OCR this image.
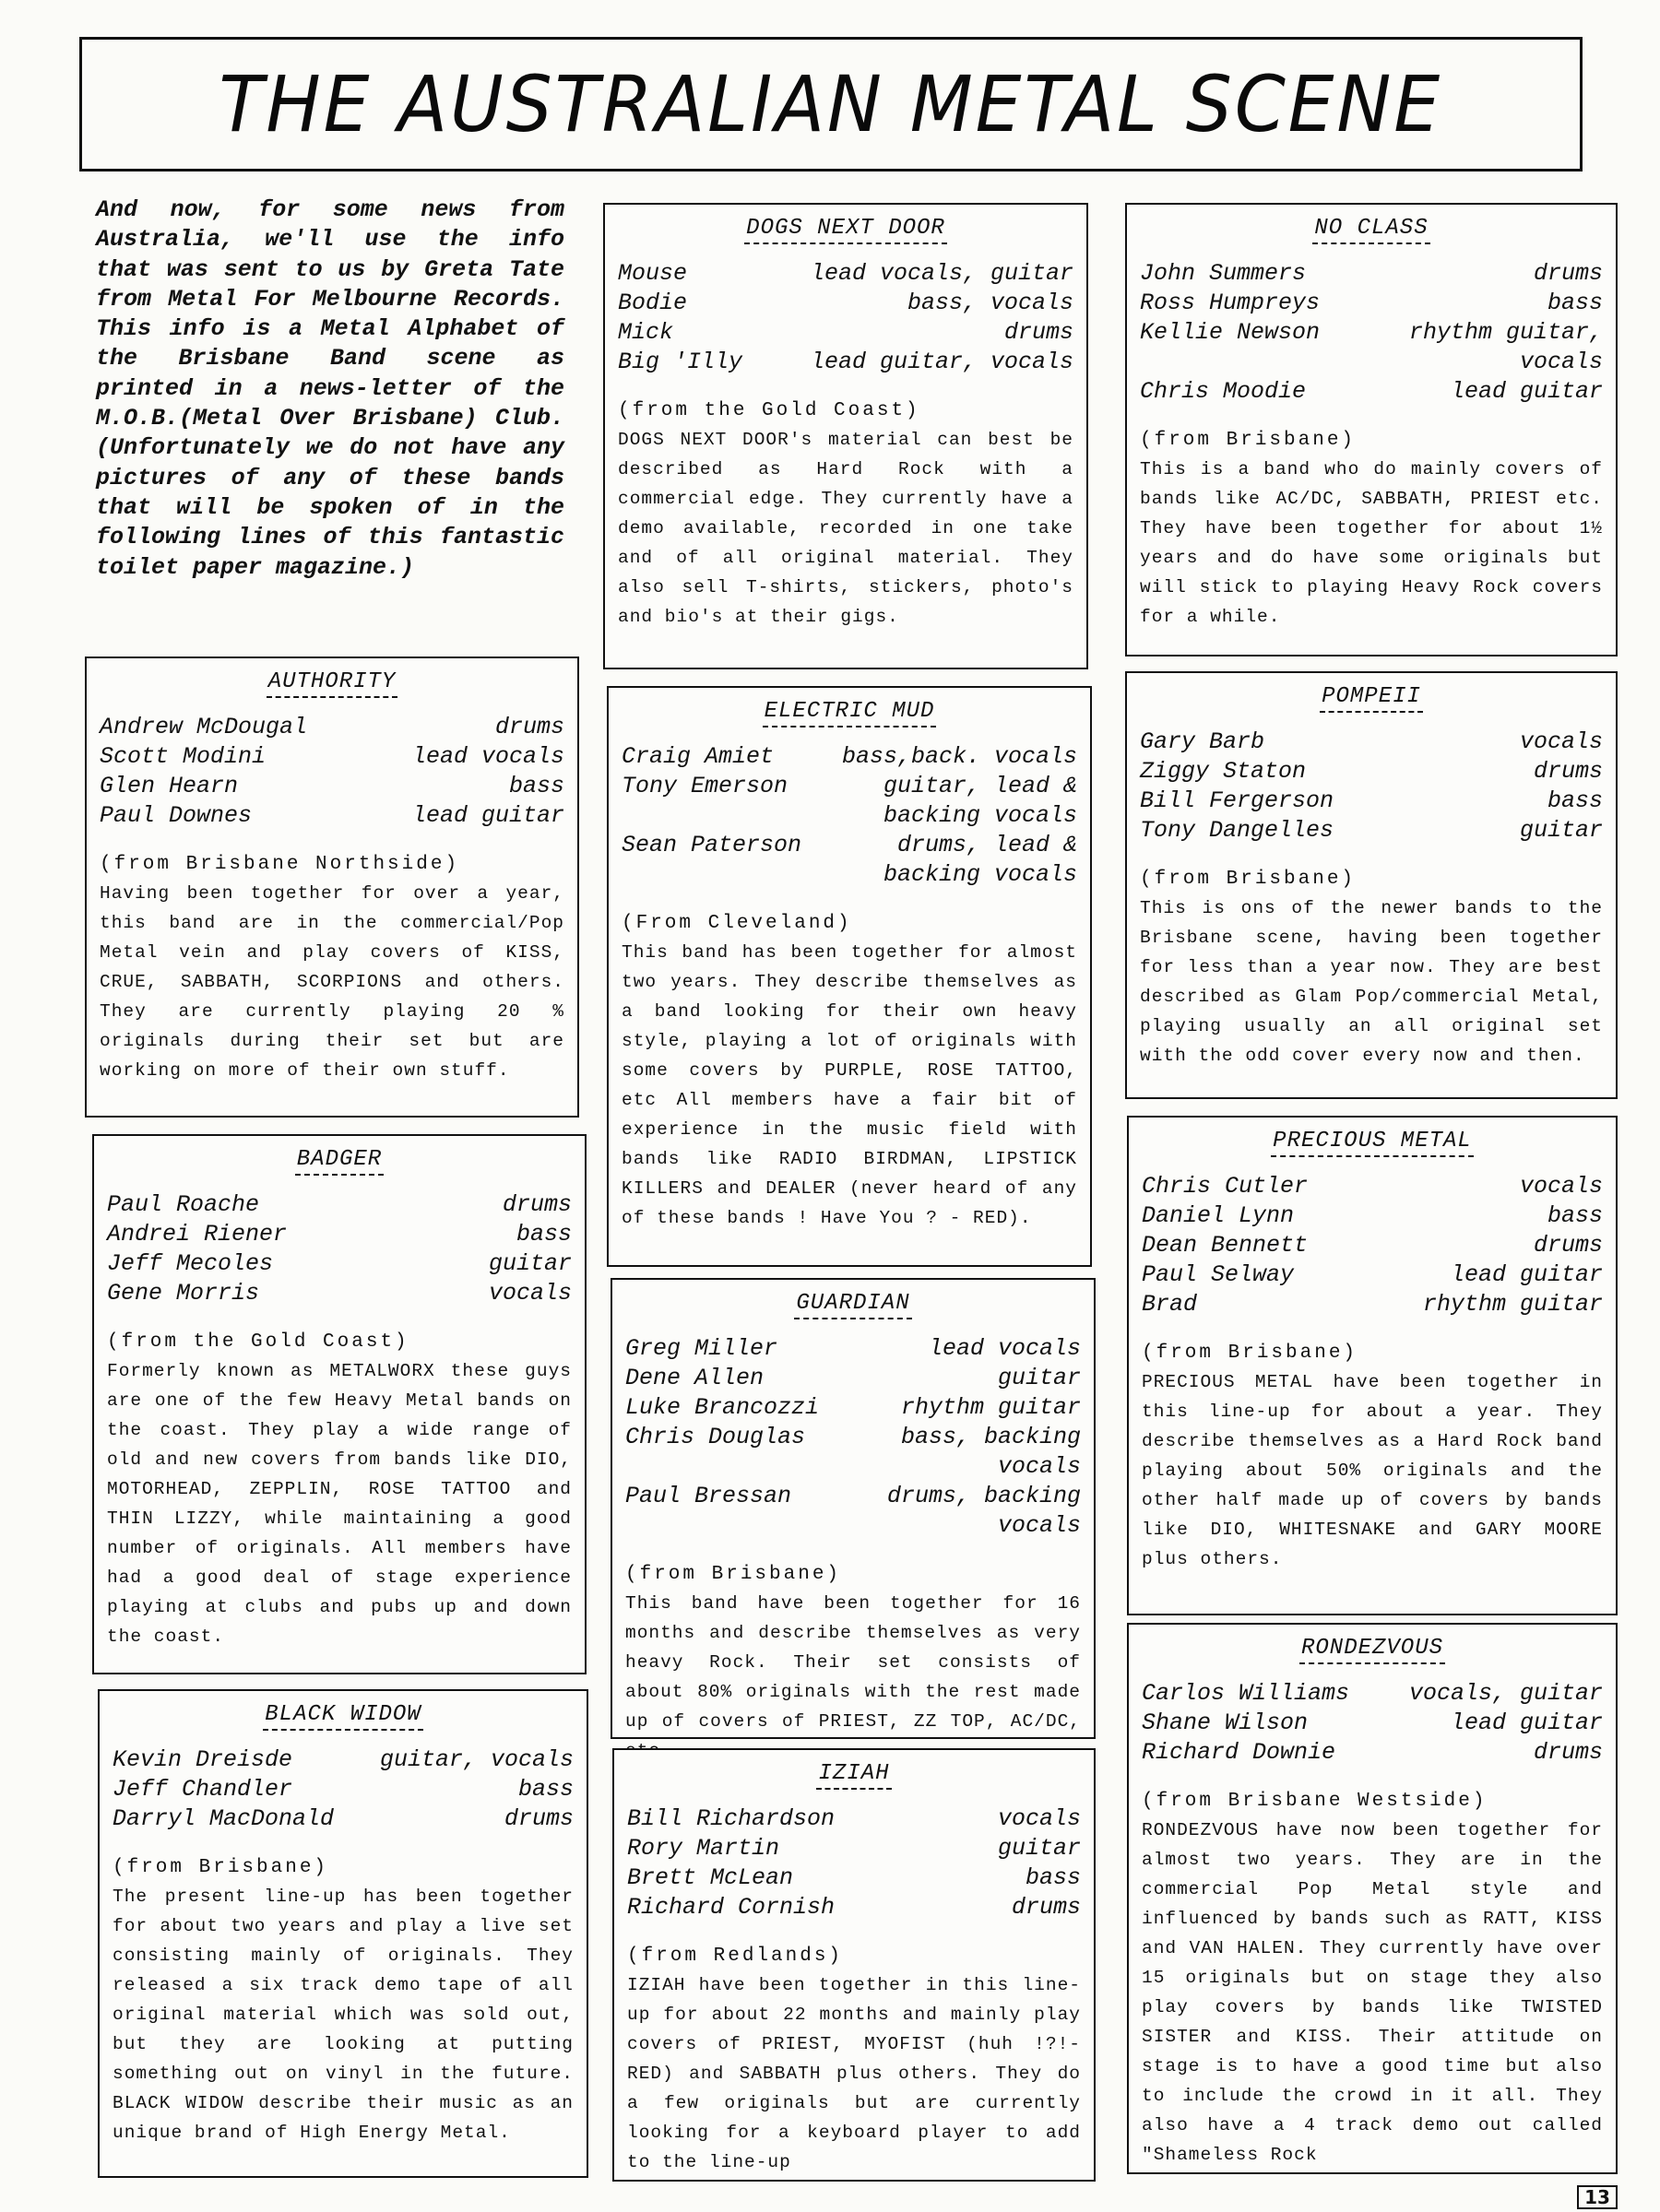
THE AUSTRALIAN METAL SCENE

And now, for some news from Australia, we'll use the info that was sent to us by Greta Tate from Metal For Melbourne Records. This info is a Metal Alphabet of the Brisbane Band scene as printed in a news-letter of the M.O.B.(Metal Over Brisbane) Club. (Unfortunately we do not have any pictures of any of these bands that will be spoken of in the following lines of this fantastic toilet paper magazine.)

AUTHORITY
Andrew McDougal	drums
Scott Modini	lead vocals
Glen Hearn	bass
Paul Downes	lead guitar

(from Brisbane Northside)

Having been together for over a year, this band are in the commercial/Pop Metal vein and play covers of KISS, CRUE, SABBATH, SCORPIONS and others. They are currently playing 20 % originals during their set but are working on more of their own stuff.

BADGER
Paul Roache	drums
Andrei Riener	bass
Jeff Mecoles	guitar
Gene Morris	vocals

(from the Gold Coast)

Formerly known as METALWORX these guys are one of the few Heavy Metal bands on the coast. They play a wide range of old and new covers from bands like DIO, MOTORHEAD, ZEPPLIN, ROSE TATTOO and THIN LIZZY, while maintaining a good number of originals. All members have had a good deal of stage experience playing at clubs and pubs up and down the coast.

BLACK WIDOW
Kevin Dreisde	guitar, vocals
Jeff Chandler	bass
Darryl MacDonald	drums

(from Brisbane)

The present line-up has been together for about two years and play a live set consisting mainly of originals. They released a six track demo tape of all original material which was sold out, but they are looking at putting something out on vinyl in the future. BLACK WIDOW describe their music as an unique brand of High Energy Metal.

DOGS NEXT DOOR
Mouse	lead vocals, guitar
Bodie	bass, vocals
Mick	drums
Big 'Illy	lead guitar, vocals

(from the Gold Coast)

DOGS NEXT DOOR's material can best be described as Hard Rock with a commercial edge. They currently have a demo available, recorded in one take and of all original material. They also sell T-shirts, stickers, photo's and bio's at their gigs.

ELECTRIC MUD
Craig Amiet	bass,back. vocals
Tony Emerson	guitar, lead &
backing vocals
Sean Paterson	drums, lead &
backing vocals

(From Cleveland)

This band has been together for almost two years. They describe themselves as a band looking for their own heavy style, playing a lot of originals with some covers by PURPLE, ROSE TATTOO, etc All members have a fair bit of experience in the music field with bands like RADIO BIRDMAN, LIPSTICK KILLERS and DEALER (never heard of any of these bands ! Have You ? - RED).

GUARDIAN
Greg Miller	lead vocals
Dene Allen	guitar
Luke Brancozzi	rhythm guitar
Chris Douglas	bass, backing
vocals
Paul Bressan	drums, backing
vocals

(from Brisbane)

This band have been together for 16 months and describe themselves as very heavy Rock. Their set consists of about 80% originals with the rest made up of covers of PRIEST, ZZ TOP, AC/DC,

IZIAH
Bill Richardson	vocals
Rory Martin	guitar
Brett McLean	bass
Richard Cornish	drums

(from Redlands)

IZIAH have been together in this line-up for about 22 months and mainly play covers of PRIEST, MYOFIST (huh !?!-RED) and SABBATH plus others. They do a few originals but are currently looking for a keyboard player to add to the line-up

NO CLASS
John Summers	drums
Ross Humpreys	bass
Kellie Newson	rhythm guitar,
vocals
Chris Moodie	lead guitar

(from Brisbane)

This is a band who do mainly covers of bands like AC/DC, SABBATH, PRIEST etc. They have been together for about 1½ years and do have some originals but will stick to playing Heavy Rock covers for a while.

POMPEII
Gary Barb	vocals
Ziggy Staton	drums
Bill Fergerson	bass
Tony Dangelles	guitar

(from Brisbane)

This is ons of the newer bands to the Brisbane scene, having been together for less than a year now. They are best described as Glam Pop/commercial Metal, playing usually an all original set with the odd cover every now and then.

PRECIOUS METAL
Chris Cutler	vocals
Daniel Lynn	bass
Dean Bennett	drums
Paul Selway	lead guitar
Brad	rhythm guitar

(from Brisbane)

PRECIOUS METAL have been together in this line-up for about a year. They describe themselves as a Hard Rock band playing about 50% originals and the other half made up of covers by bands like DIO, WHITESNAKE and GARY MOORE plus others.

RONDEZVOUS
Carlos Williams	vocals, guitar
Shane Wilson	lead guitar
Richard Downie	drums

(from Brisbane Westside)

RONDEZVOUS have now been together for almost two years. They are in the commercial Pop Metal style and influenced by bands such as RATT, KISS and VAN HALEN. They currently have over 15 originals but on stage they also play covers by bands like TWISTED SISTER and KISS. Their attitude on stage is to have a good time but also to include the crowd in it all. They also have a 4 track demo out called "Shameless Rock

13
